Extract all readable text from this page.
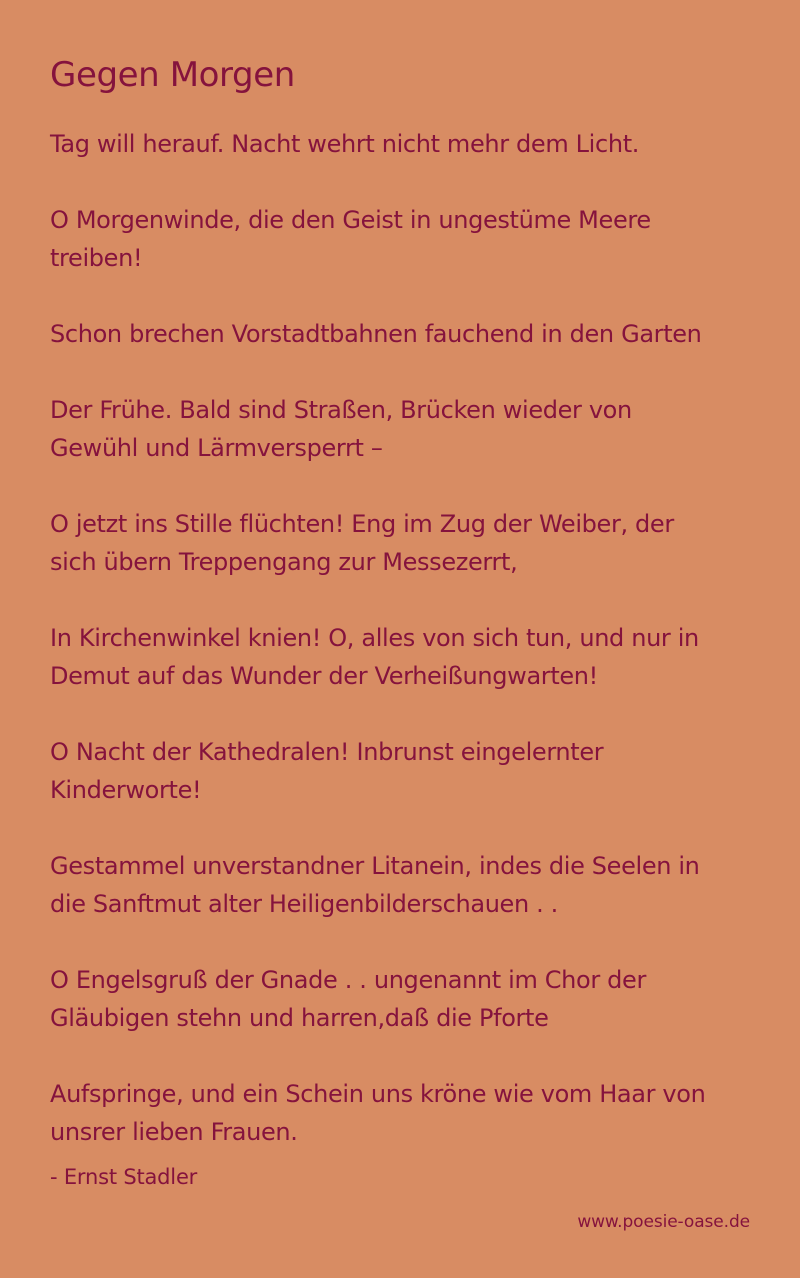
Gegen Morgen
Tag will herauf. Nacht wehrt nicht mehr dem Licht.
O Morgenwinde, die den Geist in ungestüme Meere
treiben!
Schon brechen Vorstadtbahnen fauchend in den Garten
Der Frühe. Bald sind Straßen, Brücken wieder von
Gewühl und Lärmversperrt –
O jetzt ins Stille flüchten! Eng im Zug der Weiber, der
sich übern Treppengang zur Messezerrt,
In Kirchenwinkel knien! O, alles von sich tun, und nur in
Demut auf das Wunder der Verheißungwarten!
O Nacht der Kathedralen! Inbrunst eingelernter
Kinderworte!
Gestammel unverstandner Litanein, indes die Seelen in
die Sanftmut alter Heiligenbilderschauen . .
O Engelsgruß der Gnade . . ungenannt im Chor der
Gläubigen stehn und harren,daß die Pforte
Aufspringe, und ein Schein uns kröne wie vom Haar von
unsrer lieben Frauen.
- Ernst Stadler
www.poesie-oase.de
